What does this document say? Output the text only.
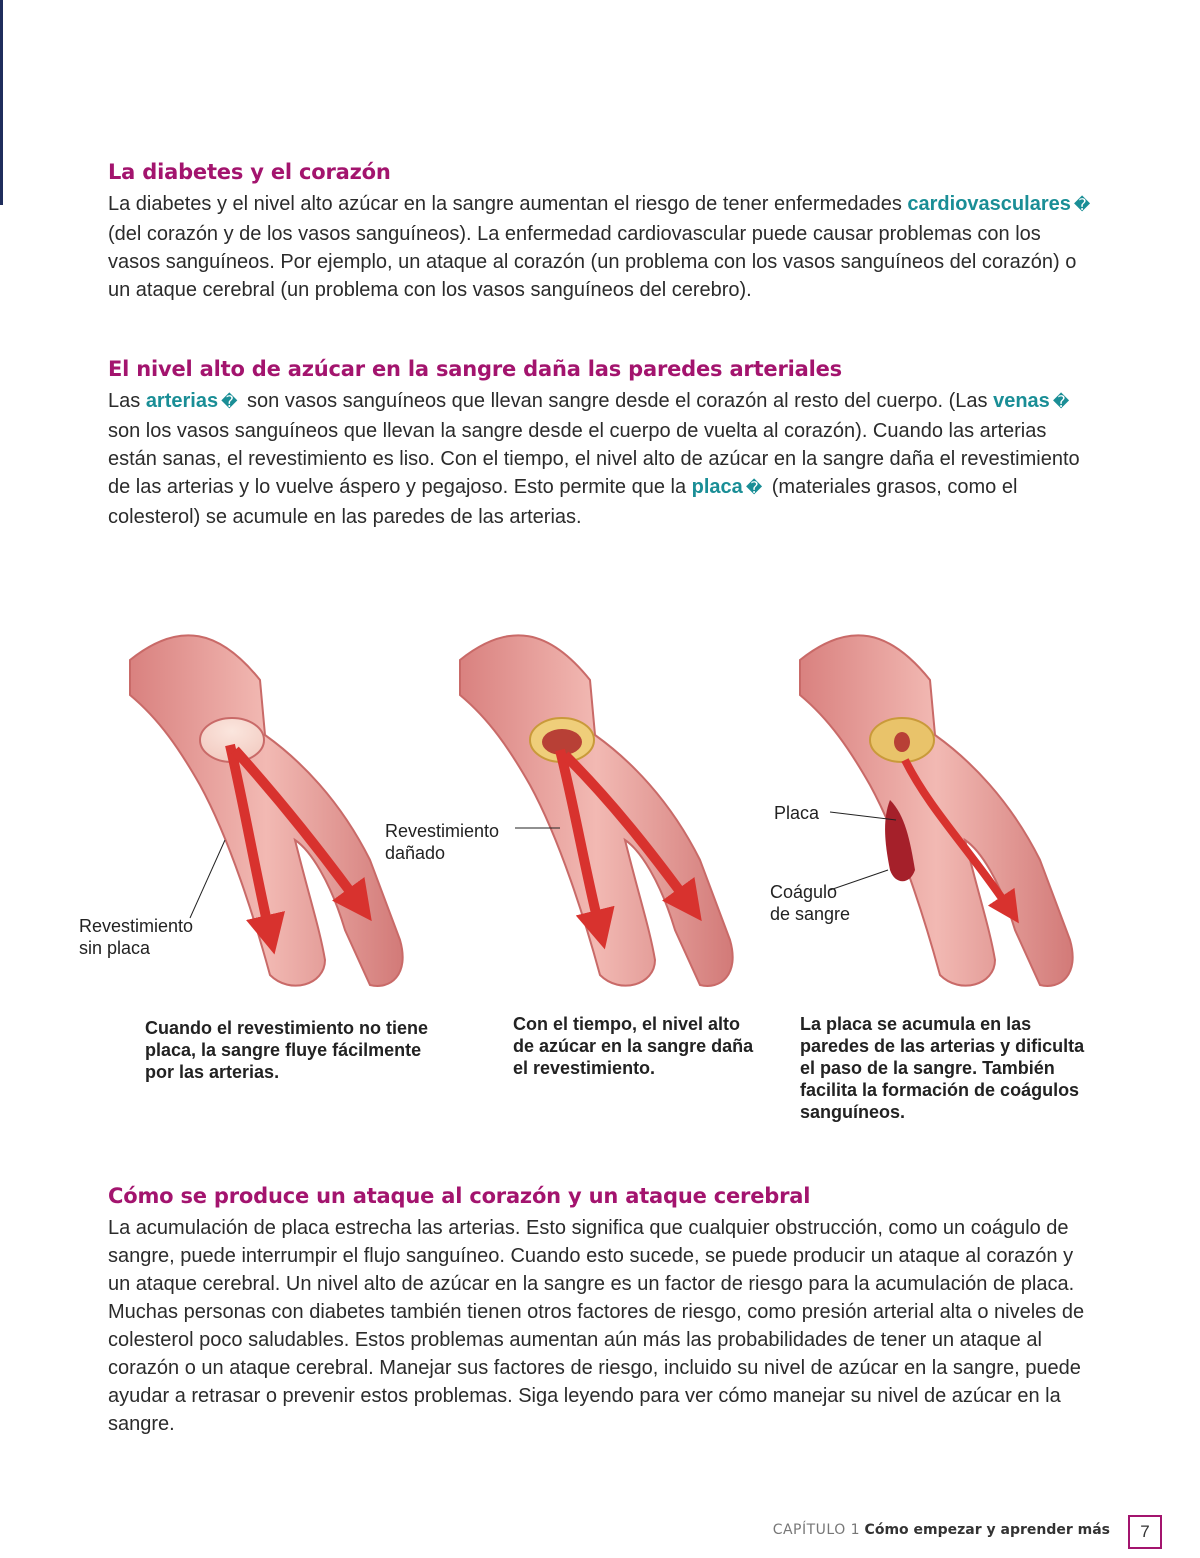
La diabetes y el corazón

La diabetes y el nivel alto azúcar en la sangre aumentan el riesgo de tener enfermedades cardiovasculares � (del corazón y de los vasos sanguíneos). La enfermedad cardiovascular puede causar problemas con los vasos sanguíneos. Por ejemplo, un ataque al corazón (un problema con los vasos sanguíneos del corazón) o un ataque cerebral (un problema con los vasos sanguíneos del cerebro).

El nivel alto de azúcar en la sangre daña las paredes arteriales

Las arterias � son vasos sanguíneos que llevan sangre desde el corazón al resto del cuerpo. (Las venas � son los vasos sanguíneos que llevan la sangre desde el cuerpo de vuelta al corazón). Cuando las arterias están sanas, el revestimiento es liso. Con el tiempo, el nivel alto de azúcar en la sangre daña el revestimiento de las arterias y lo vuelve áspero y pegajoso. Esto permite que la placa � (materiales grasos, como el colesterol) se acumule en las paredes de las arterias.

Revestimiento
sin placa

Revestimiento
dañado

Placa

Coágulo
de sangre

Cuando el revestimiento no tiene placa, la sangre fluye fácilmente por las arterias.

Con el tiempo, el nivel alto de azúcar en la sangre daña el revestimiento.

La placa se acumula en las paredes de las arterias y dificulta el paso de la sangre. También facilita la formación de coágulos sanguíneos.

Cómo se produce un ataque al corazón y un ataque cerebral

La acumulación de placa estrecha las arterias. Esto significa que cualquier obstrucción, como un coágulo de sangre, puede interrumpir el flujo sanguíneo. Cuando esto sucede, se puede producir un ataque al corazón y un ataque cerebral. Un nivel alto de azúcar en la sangre es un factor de riesgo para la acumulación de placa. Muchas personas con diabetes también tienen otros factores de riesgo, como presión arterial alta o niveles de colesterol poco saludables. Estos problemas aumentan aún más las probabilidades de tener un ataque al corazón o un ataque cerebral. Manejar sus factores de riesgo, incluido su nivel de azúcar en la sangre, puede ayudar a retrasar o prevenir estos problemas. Siga leyendo para ver cómo manejar su nivel de azúcar en la sangre.

CAPÍTULO 1 Cómo empezar y aprender más	7
